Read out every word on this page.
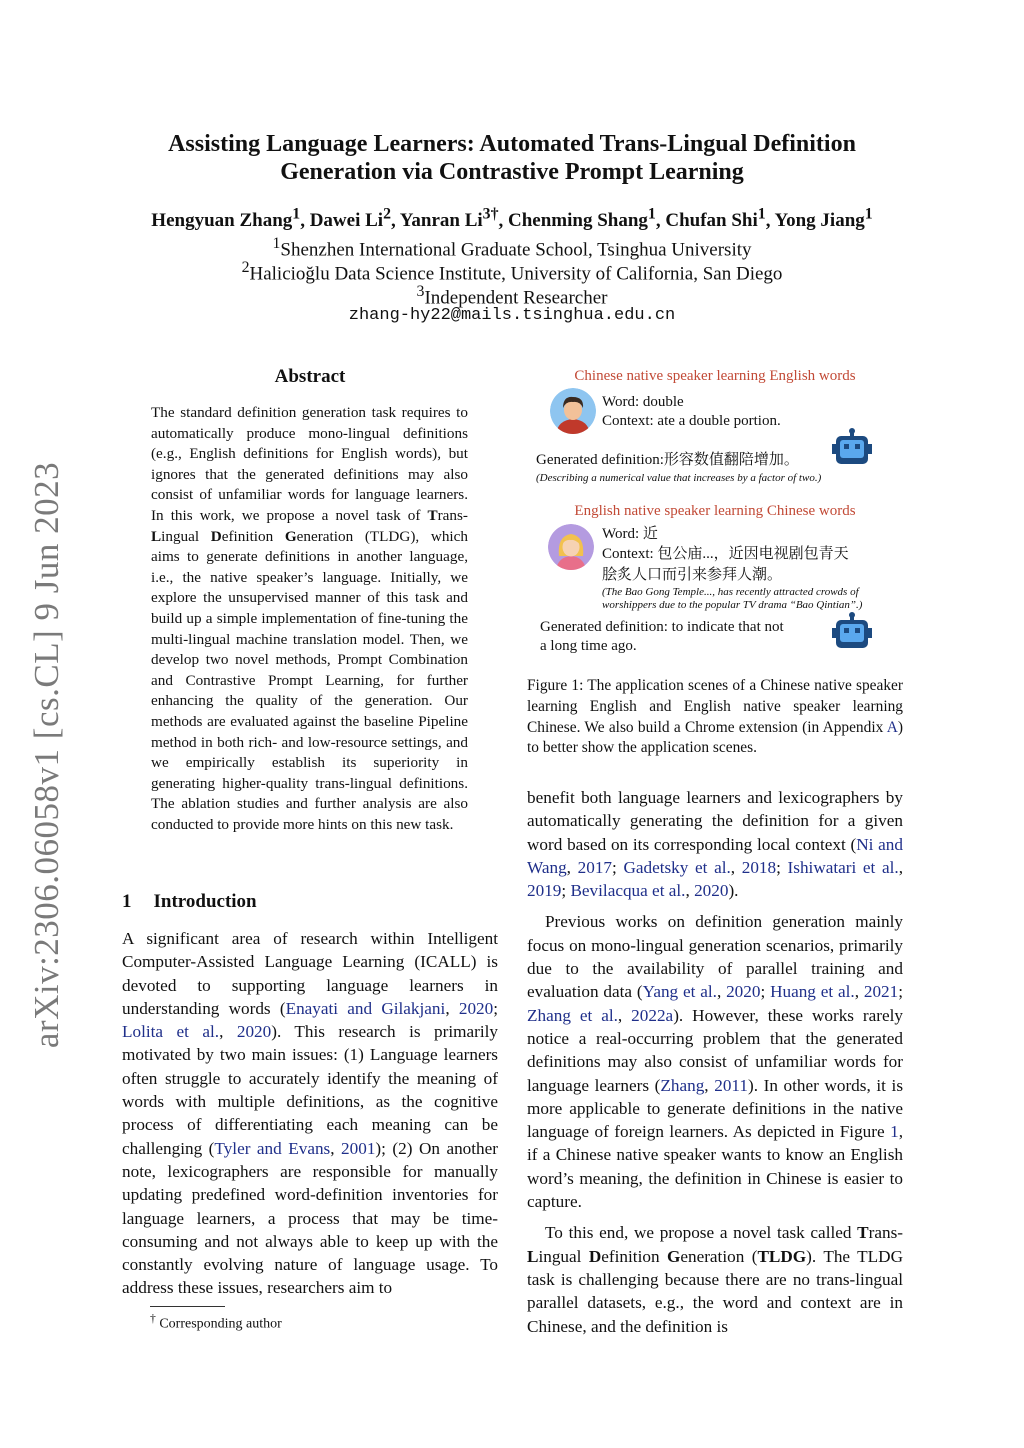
arXiv:2306.06058v1 [cs.CL] 9 Jun 2023
Assisting Language Learners: Automated Trans-Lingual Definition
Generation via Contrastive Prompt Learning
Hengyuan Zhang$^1$, Dawei Li$^2$, Yanran $Li^{3\dagger}$, Chenming Shang$^1$, Chufan Shi$^1$, Yong Jiang$^1$
$^1$Shenzhen International Graduate School, Tsinghua University
$^2$Halicioğlu Data Science Institute, University of California, San Diego
$^3$Independent Researcher
zhang-hy22@mails.tsinghua.edu.cn
Abstract
The standard definition generation task requires to automatically produce mono-lingual definitions (e.g., English definitions for English words), but ignores that the generated definitions may also consist of unfamiliar words for language learners. In this work, we propose a novel task of Trans-Lingual Definition Generation (TLDG), which aims to generate definitions in another language, i.e., the native speaker’s language. Initially, we explore the unsupervised manner of this task and build up a simple implementation of fine-tuning the multi-lingual machine translation model. Then, we develop two novel methods, Prompt Combination and Contrastive Prompt Learning, for further enhancing the quality of the generation. Our methods are evaluated against the baseline Pipeline method in both rich- and low-resource settings, and we empirically establish its superiority in generating higher-quality trans-lingual definitions. The ablation studies and further analysis are also conducted to provide more hints on this new task.
1 Introduction
A significant area of research within Intelligent Computer-Assisted Language Learning (ICALL) is devoted to supporting language learners in understanding words (Enayati and Gilakjani, 2020; Lolita et al., 2020). This research is primarily motivated by two main issues: (1) Language learners often struggle to accurately identify the meaning of words with multiple definitions, as the cognitive process of differentiating each meaning can be challenging (Tyler and Evans, 2001); (2) On another note, lexicographers are responsible for manually updating predefined word-definition inventories for language learners, a process that may be time-consuming and not always able to keep up with the constantly evolving nature of language usage. To address these issues, researchers aim to
† Corresponding author
Chinese native speaker learning English words
Word: double
Context: ate a double portion.
Generated definition:形容数值翻陪增加。
(Describing a numerical value that increases by a factor of two.)
English native speaker learning Chinese words
Word: 近
Context: 包公庙...，近因电视剧包青天
脍炙人口而引来参拜人潮。
(The Bao Gong Temple..., has recently attracted crowds of
worshippers due to the popular TV drama “Bao Qintian”.)
Generated definition: to indicate that not
a long time ago.
Figure 1: The application scenes of a Chinese native speaker learning English and English native speaker learning Chinese. We also build a Chrome extension (in Appendix A) to better show the application scenes.

benefit both language learners and lexicographers by automatically generating the definition for a given word based on its corresponding local context (Ni and Wang, 2017; Gadetsky et al., 2018; Ishiwatari et al., 2019; Bevilacqua et al., 2020).

Previous works on definition generation mainly focus on mono-lingual generation scenarios, primarily due to the availability of parallel training and evaluation data (Yang et al., 2020; Huang et al., 2021; Zhang et al., 2022a). However, these works rarely notice a real-occurring problem that the generated definitions may also consist of unfamiliar words for language learners (Zhang, 2011). In other words, it is more applicable to generate definitions in the native language of foreign learners. As depicted in Figure 1, if a Chinese native speaker wants to know an English word’s meaning, the definition in Chinese is easier to capture.

To this end, we propose a novel task called Trans-Lingual Definition Generation (TLDG). The TLDG task is challenging because there are no trans-lingual parallel datasets, e.g., the word and context are in Chinese, and the definition is
